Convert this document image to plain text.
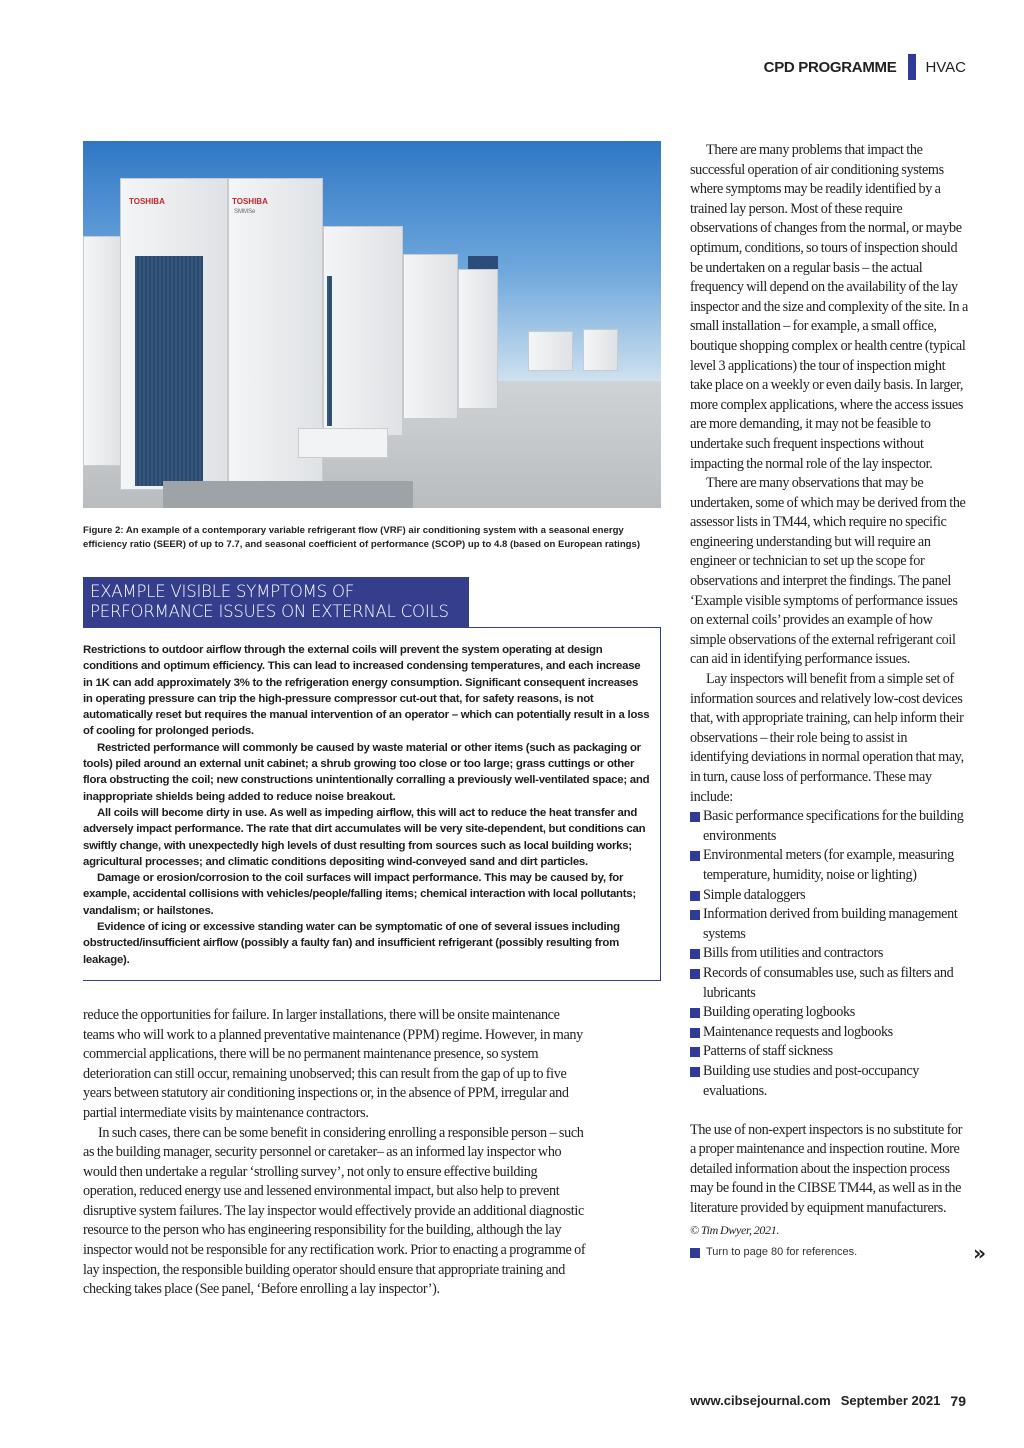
CPD PROGRAMME HVAC
TOSHIBA	TOSHIBA
SMMSe
Figure 2: An example of a contemporary variable refrigerant flow (VRF) air conditioning system with a seasonal energy efficiency ratio (SEER) of up to 7.7, and seasonal coefficient of performance (SCOP) up to 4.8 (based on European ratings)
EXAMPLE VISIBLE SYMPTOMS OF
PERFORMANCE ISSUES ON EXTERNAL COILS

Restrictions to outdoor airflow through the external coils will prevent the system operating at design conditions and optimum efficiency. This can lead to increased condensing temperatures, and each increase in 1K can add approximately 3% to the refrigeration energy consumption. Significant consequent increases in operating pressure can trip the high-pressure compressor cut-out that, for safety reasons, is not automatically reset but requires the manual intervention of an operator – which can potentially result in a loss of cooling for prolonged periods.

Restricted performance will commonly be caused by waste material or other items (such as packaging or tools) piled around an external unit cabinet; a shrub growing too close or too large; grass cuttings or other flora obstructing the coil; new constructions unintentionally corralling a previously well-ventilated space; and inappropriate shields being added to reduce noise breakout.

All coils will become dirty in use. As well as impeding airflow, this will act to reduce the heat transfer and adversely impact performance. The rate that dirt accumulates will be very site-dependent, but conditions can swiftly change, with unexpectedly high levels of dust resulting from sources such as local building works; agricultural processes; and climatic conditions depositing wind-conveyed sand and dirt particles.

Damage or erosion/corrosion to the coil surfaces will impact performance. This may be caused by, for example, accidental collisions with vehicles/people/falling items; chemical interaction with local pollutants; vandalism; or hailstones.

Evidence of icing or excessive standing water can be symptomatic of one of several issues including obstructed/insufficient airflow (possibly a faulty fan) and insufficient refrigerant (possibly resulting from leakage).

reduce the opportunities for failure. In larger installations, there will be onsite maintenance teams who will work to a planned preventative maintenance (PPM) regime. However, in many commercial applications, there will be no permanent maintenance presence, so system deterioration can still occur, remaining unobserved; this can result from the gap of up to five years between statutory air conditioning inspections or, in the absence of PPM, irregular and partial intermediate visits by maintenance contractors.

In such cases, there can be some benefit in considering enrolling a responsible person – such as the building manager, security personnel or caretaker– as an informed lay inspector who would then undertake a regular ‘strolling survey’, not only to ensure effective building operation, reduced energy use and lessened environmental impact, but also help to prevent disruptive system failures. The lay inspector would effectively provide an additional diagnostic resource to the person who has engineering responsibility for the building, although the lay inspector would not be responsible for any rectification work. Prior to enacting a programme of lay inspection, the responsible building operator should ensure that appropriate training and checking takes place (See panel, ‘Before enrolling a lay inspector’).

There are many problems that impact the successful operation of air conditioning systems where symptoms may be readily identified by a trained lay person. Most of these require observations of changes from the normal, or maybe optimum, conditions, so tours of inspection should be undertaken on a regular basis – the actual frequency will depend on the availability of the lay inspector and the size and complexity of the site. In a small installation – for example, a small office, boutique shopping complex or health centre (typical level 3 applications) the tour of inspection might take place on a weekly or even daily basis. In larger, more complex applications, where the access issues are more demanding, it may not be feasible to undertake such frequent inspections without impacting the normal role of the lay inspector.

There are many observations that may be undertaken, some of which may be derived from the assessor lists in TM44, which require no specific engineering understanding but will require an engineer or technician to set up the scope for observations and interpret the findings. The panel ‘Example visible symptoms of performance issues on external coils’ provides an example of how simple observations of the external refrigerant coil can aid in identifying performance issues.

Lay inspectors will benefit from a simple set of information sources and relatively low-cost devices that, with appropriate training, can help inform their observations – their role being to assist in identifying deviations in normal operation that may, in turn, cause loss of performance. These may include:

Basic performance specifications for the building environments
Environmental meters (for example, measuring temperature, humidity, noise or lighting)
Simple dataloggers
Information derived from building management systems
Bills from utilities and contractors
Records of consumables use, such as filters and lubricants
Building operating logbooks
Maintenance requests and logbooks
Patterns of staff sickness
Building use studies and post-occupancy evaluations.

The use of non-expert inspectors is no substitute for a proper maintenance and inspection routine. More detailed information about the inspection process may be found in the CIBSE TM44, as well as in the literature provided by equipment manufacturers.

© Tim Dwyer, 2021.

Turn to page 80 for references.	»
www.cibsejournal.com September 2021 79
